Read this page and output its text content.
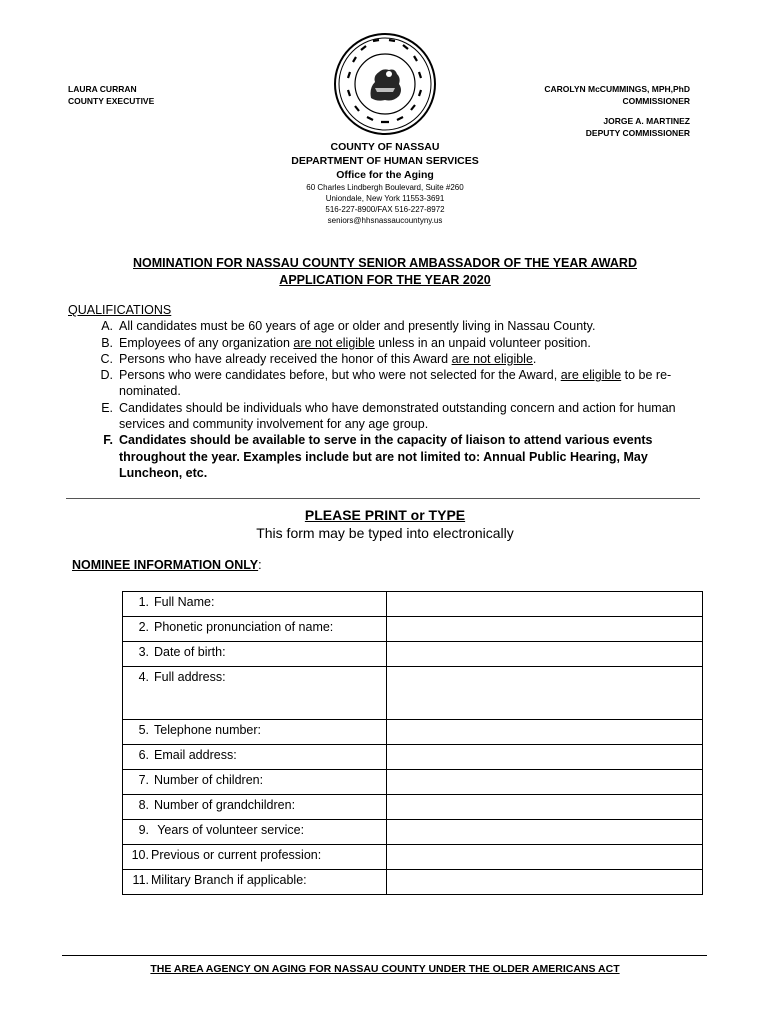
LAURA CURRAN
COUNTY EXECUTIVE
CAROLYN McCUMMINGS, MPH,PhD
COMMISSIONER
JORGE A. MARTINEZ
DEPUTY COMMISSIONER
COUNTY OF NASSAU
DEPARTMENT OF HUMAN SERVICES
Office for the Aging
60 Charles Lindbergh Boulevard, Suite #260
Uniondale, New York 11553-3691
516-227-8900/FAX 516-227-8972
seniors@hhsnassaucountyny.us
NOMINATION FOR NASSAU COUNTY SENIOR AMBASSADOR OF THE YEAR AWARD
APPLICATION FOR THE YEAR 2020
QUALIFICATIONS
A. All candidates must be 60 years of age or older and presently living in Nassau County.
B. Employees of any organization are not eligible unless in an unpaid volunteer position.
C. Persons who have already received the honor of this Award are not eligible.
D. Persons who were candidates before, but who were not selected for the Award, are eligible to be re-nominated.
E. Candidates should be individuals who have demonstrated outstanding concern and action for human services and community involvement for any age group.
F. Candidates should be available to serve in the capacity of liaison to attend various events throughout the year. Examples include but are not limited to: Annual Public Hearing, May Luncheon, etc.
PLEASE PRINT or TYPE
This form may be typed into electronically
NOMINEE INFORMATION ONLY:
1. Full Name:	
2. Phonetic pronunciation of name:	
3. Date of birth:	
4. Full address:	
5. Telephone number:	
6. Email address:	
7. Number of children:	
8. Number of grandchildren:	
9. Years of volunteer service:	
10. Previous or current profession:	
11. Military Branch if applicable:	
THE AREA AGENCY ON AGING FOR NASSAU COUNTY UNDER THE OLDER AMERICANS ACT
